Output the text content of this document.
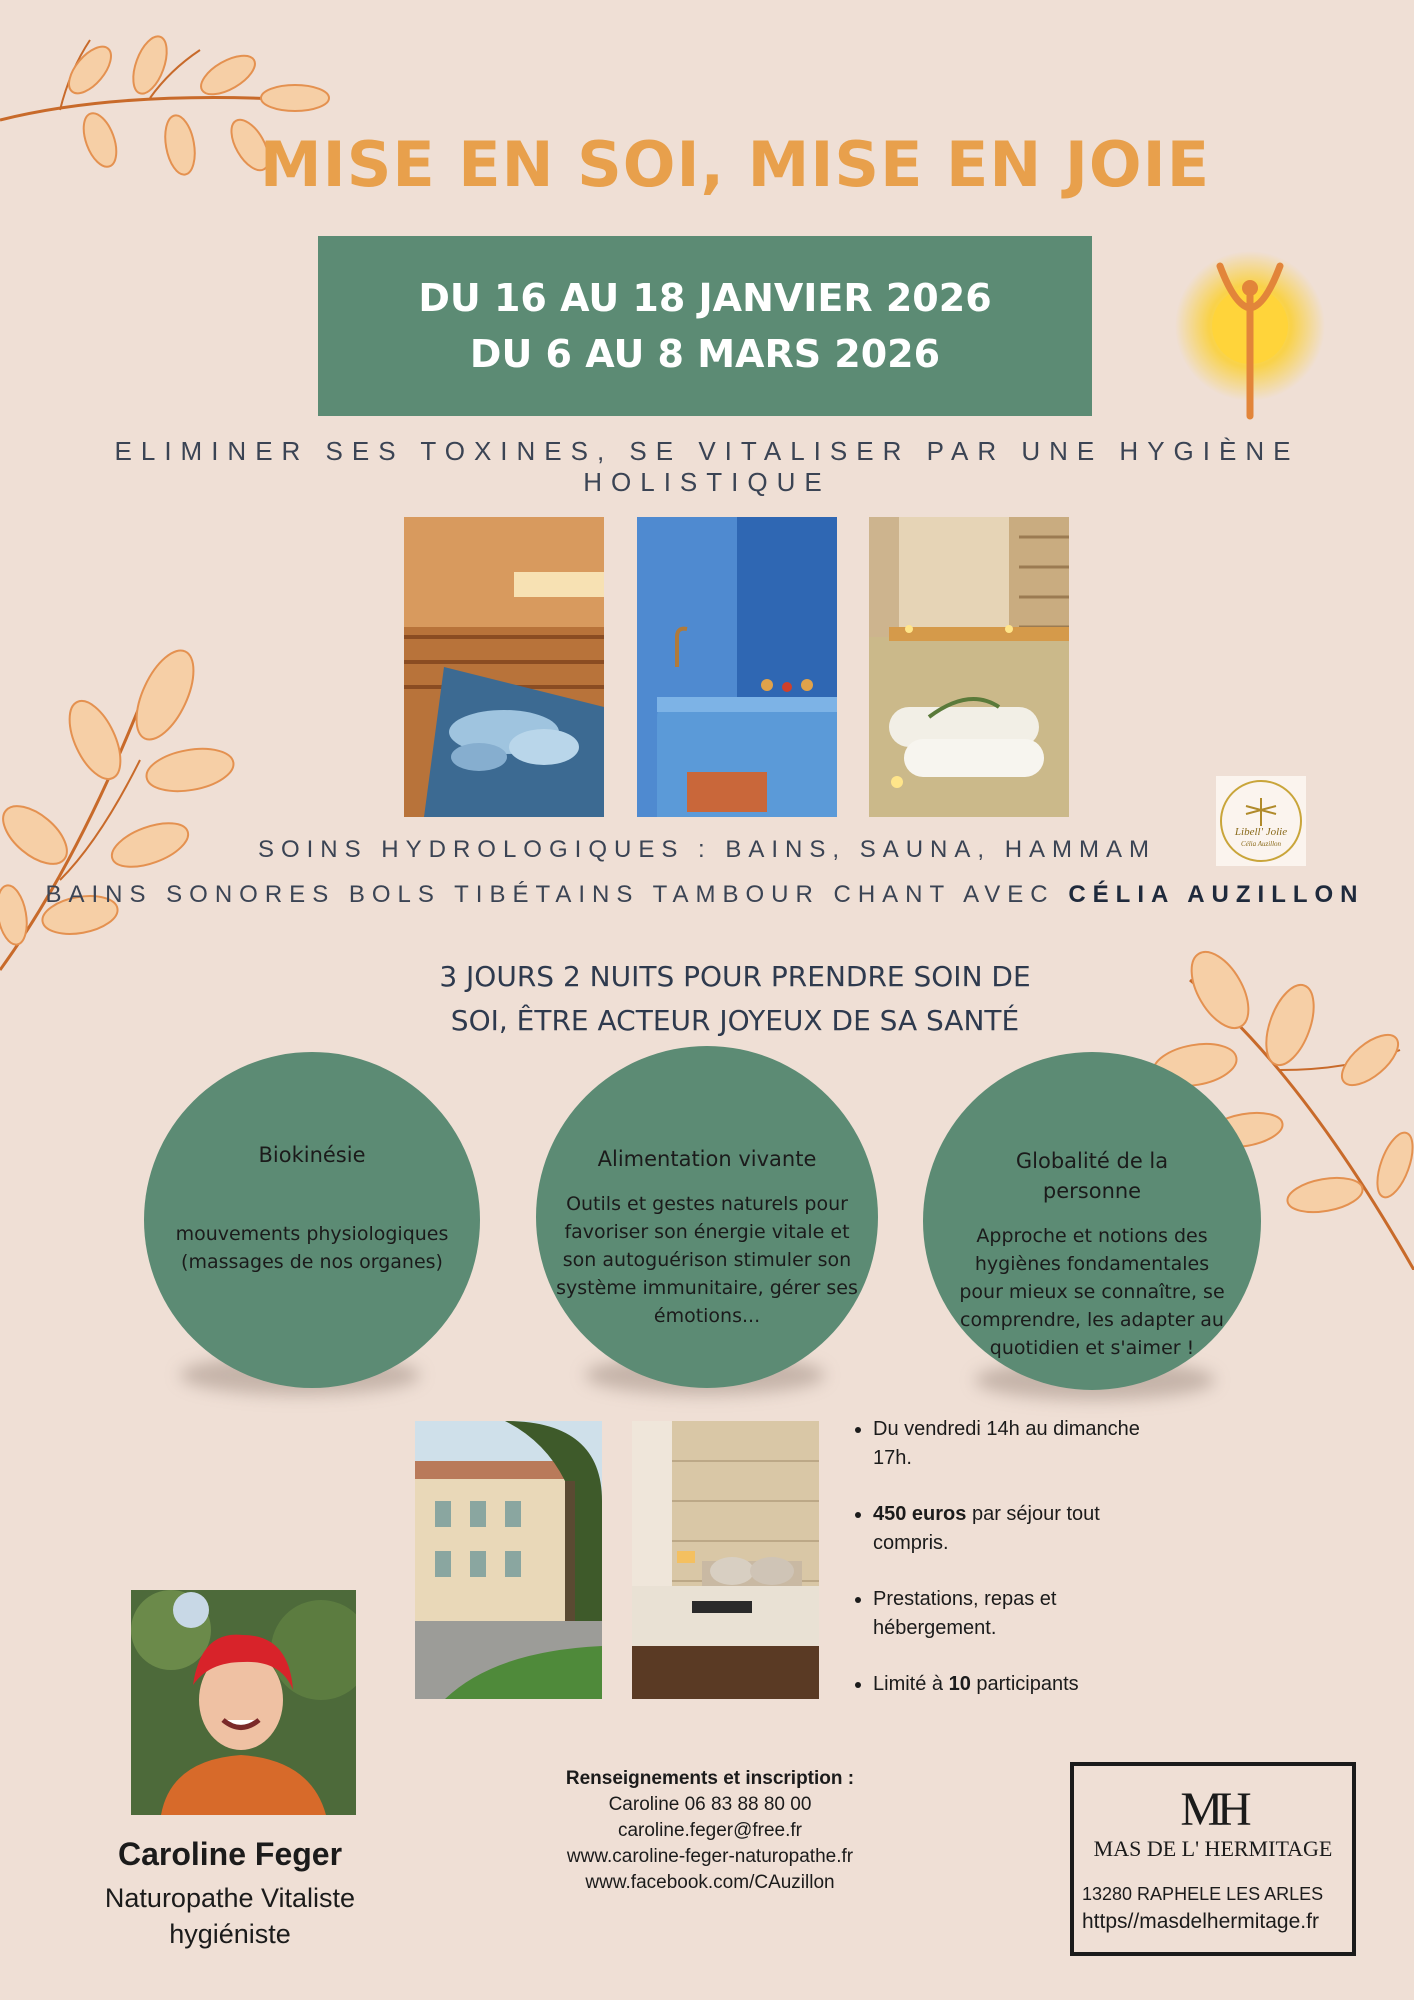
MISE EN SOI, MISE EN JOIE
DU 16 AU 18 JANVIER 2026
DU 6 AU 8 MARS 2026
ELIMINER SES TOXINES, SE VITALISER PAR UNE HYGIÈNE HOLISTIQUE
Libell' Jolie
Célia Auzillon
SOINS HYDROLOGIQUES : BAINS, SAUNA, HAMMAM
BAINS SONORES BOLS TIBÉTAINS TAMBOUR CHANT AVEC CÉLIA AUZILLON
3 JOURS 2 NUITS POUR PRENDRE SOIN DE
SOI, ÊTRE ACTEUR JOYEUX DE SA SANTÉ
Biokinésie
mouvements physiologiques (massages de nos organes)
Alimentation vivante
Outils et gestes naturels pour favoriser son énergie vitale et son autoguérison stimuler son système immunitaire, gérer ses émotions...
Globalité de la personne
Approche et notions des hygiènes fondamentales pour mieux se connaître, se comprendre, les adapter au quotidien et s'aimer !
• Du vendredi 14h au dimanche 17h.
• 450 euros par séjour tout compris.
• Prestations, repas et hébergement.
• Limité à 10 participants
Caroline Feger
Naturopathe Vitaliste
hygiéniste
Renseignements et inscription :
Caroline 06 83 88 80 00
caroline.feger@free.fr
www.caroline-feger-naturopathe.fr
www.facebook.com/CAuzillon
MH
MAS DE L' HERMITAGE
13280 RAPHELE LES ARLES
https//masdelhermitage.fr
